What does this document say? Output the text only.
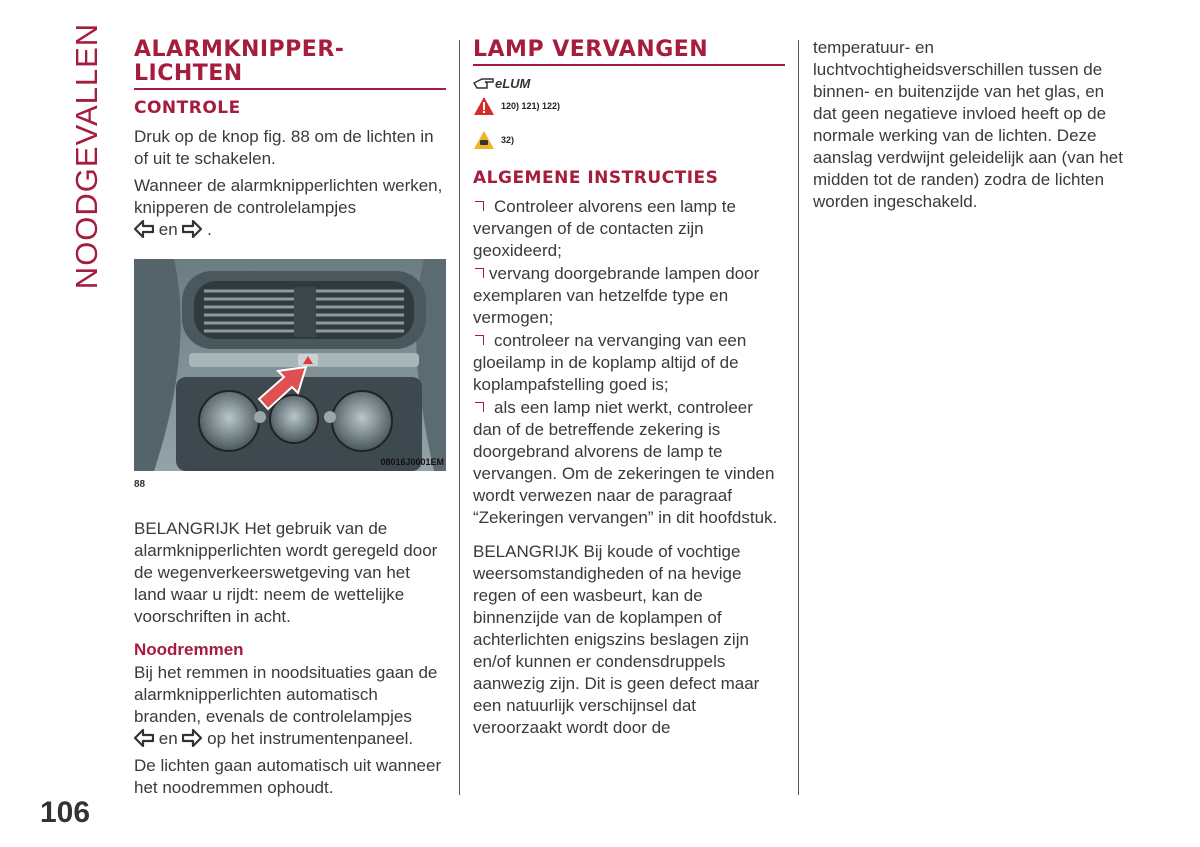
NOODGEVALLEN ALARMKNIPPER-
LICHTEN
CONTROLE

Druk op de knop fig. 88 om de lichten in of uit te schakelen.

Wanneer de alarmknipperlichten werken, knipperen de controlelampjes
en .

08016J0001EM
88

BELANGRIJK Het gebruik van de alarmknipperlichten wordt geregeld door de wegenverkeerswetgeving van het land waar u rijdt: neem de wettelijke voorschriften in acht.

Noodremmen

Bij het remmen in noodsituaties gaan de alarmknipperlichten automatisch branden, evenals de controlelampjes
en op het instrumentenpaneel.

De lichten gaan automatisch uit wanneer het noodremmen ophoudt.

LAMP VERVANGEN
eLUM
120) 121) 122)
32)
ALGEMENE INSTRUCTIES

Controleer alvorens een lamp te vervangen of de contacten zijn geoxideerd;

vervang doorgebrande lampen door exemplaren van hetzelfde type en vermogen;

controleer na vervanging van een gloeilamp in de koplamp altijd of de koplampafstelling goed is;

als een lamp niet werkt, controleer dan of de betreffende zekering is doorgebrand alvorens de lamp te vervangen. Om de zekeringen te vinden wordt verwezen naar de paragraaf “Zekeringen vervangen” in dit hoofdstuk.

BELANGRIJK Bij koude of vochtige weersomstandigheden of na hevige regen of een wasbeurt, kan de binnenzijde van de koplampen of achterlichten enigszins beslagen zijn en/of kunnen er condensdruppels aanwezig zijn. Dit is geen defect maar een natuurlijk verschijnsel dat veroorzaakt wordt door de

temperatuur- en luchtvochtigheidsverschillen tussen de binnen- en buitenzijde van het glas, en dat geen negatieve invloed heeft op de normale werking van de lichten. Deze aanslag verdwijnt geleidelijk aan (van het midden tot de randen) zodra de lichten worden ingeschakeld.

106
